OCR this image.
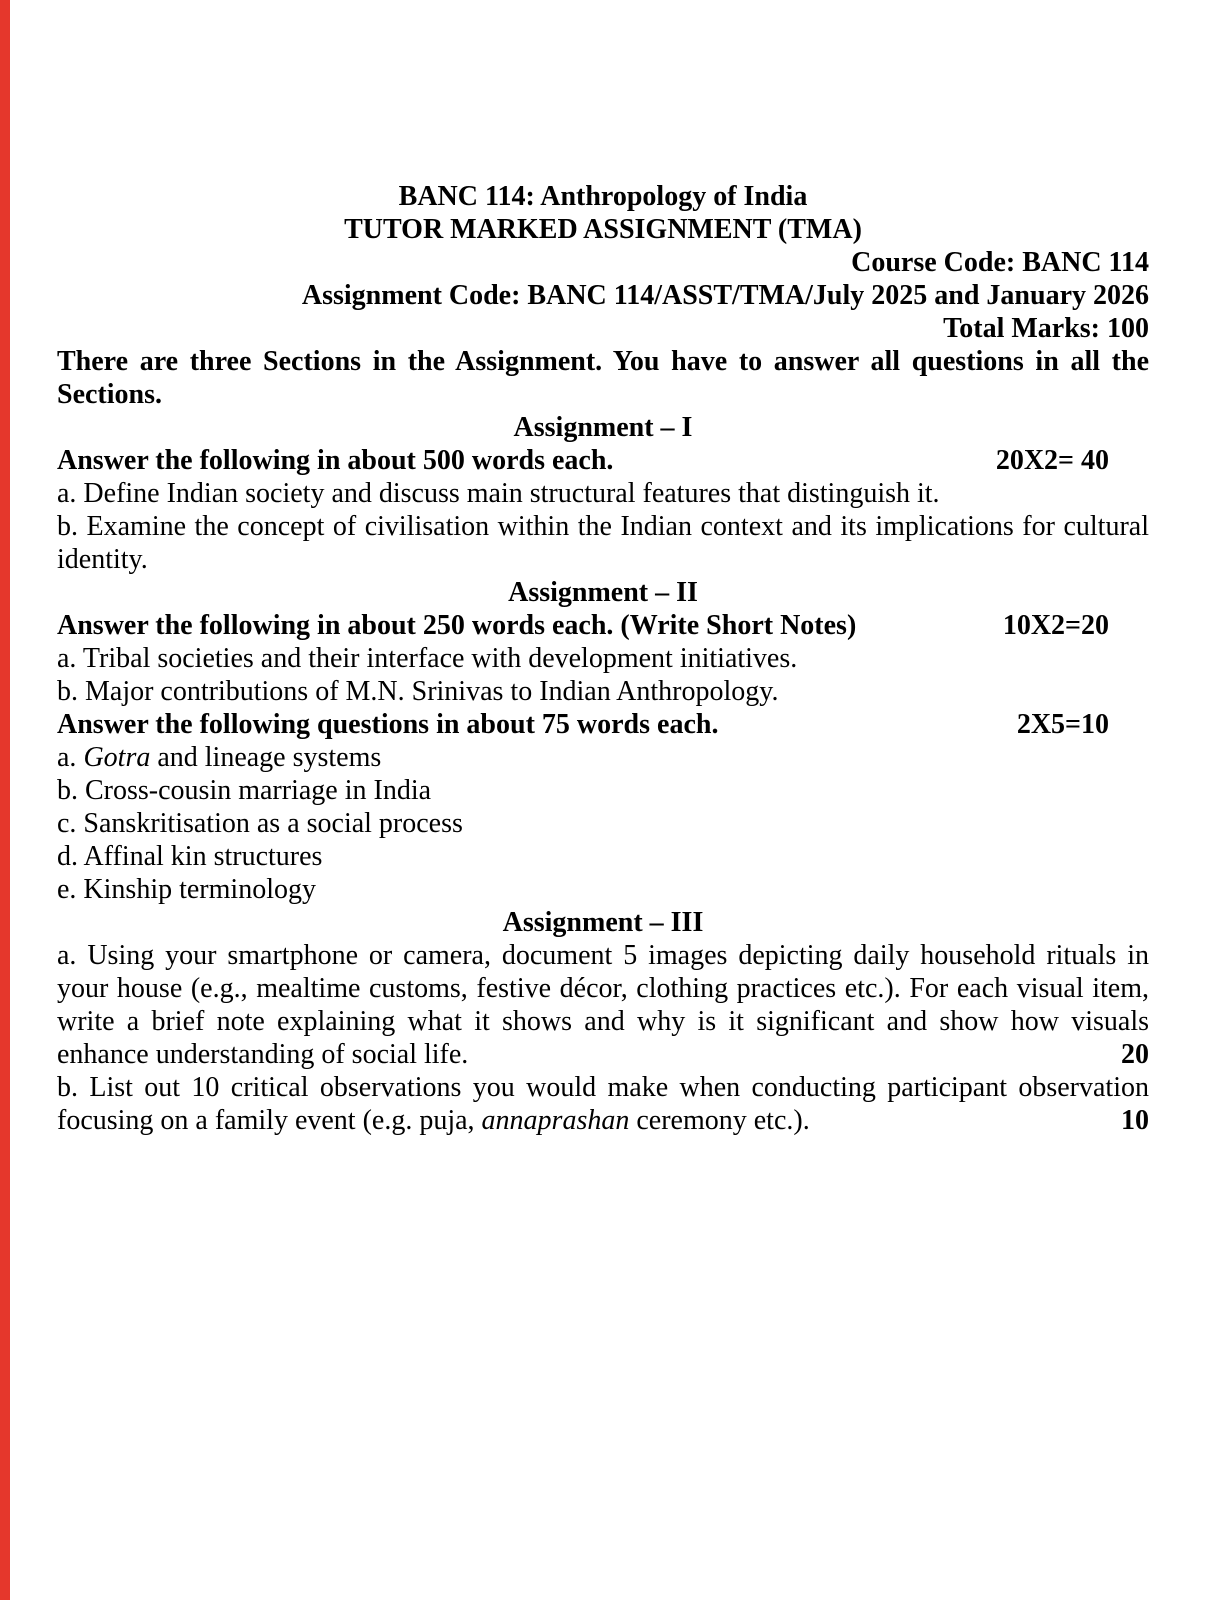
BANC 114: Anthropology of India
TUTOR MARKED ASSIGNMENT (TMA)
Course Code: BANC 114
Assignment Code: BANC 114/ASST/TMA/July 2025 and January 2026
Total Marks: 100

There are three Sections in the Assignment. You have to answer all questions in all the Sections.

Assignment – I
Answer the following in about 500 words each.	20X2= 40

a. Define Indian society and discuss main structural features that distinguish it.

b. Examine the concept of civilisation within the Indian context and its implications for cultural identity.

Assignment – II
Answer the following in about 250 words each. (Write Short Notes)	10X2=20

a. Tribal societies and their interface with development initiatives.

b. Major contributions of M.N. Srinivas to Indian Anthropology.

Answer the following questions in about 75 words each.	2X5=10

a. Gotra and lineage systems

b. Cross-cousin marriage in India

c. Sanskritisation as a social process

d. Affinal kin structures

e. Kinship terminology

Assignment – III

a. Using your smartphone or camera, document 5 images depicting daily household rituals in your house (e.g., mealtime customs, festive décor, clothing practices etc.). For each visual item, write a brief note explaining what it shows and why is it significant and show how visuals enhance understanding of social life.	20

b. List out 10 critical observations you would make when conducting participant observation focusing on a family event (e.g. puja, annaprashan ceremony etc.).	10
